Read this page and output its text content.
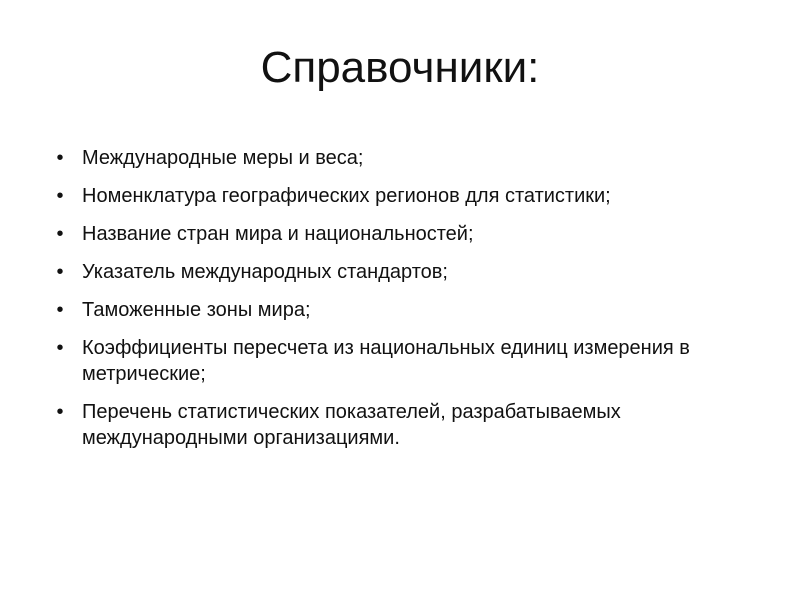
Справочники:
• Международные меры и веса;
• Номенклатура географических регионов для статистики;
• Название стран мира и национальностей;
• Указатель международных стандартов;
• Таможенные зоны мира;
• Коэффициенты пересчета из национальных единиц измерения в метрические;
• Перечень статистических показателей, разрабатываемых международными организациями.
